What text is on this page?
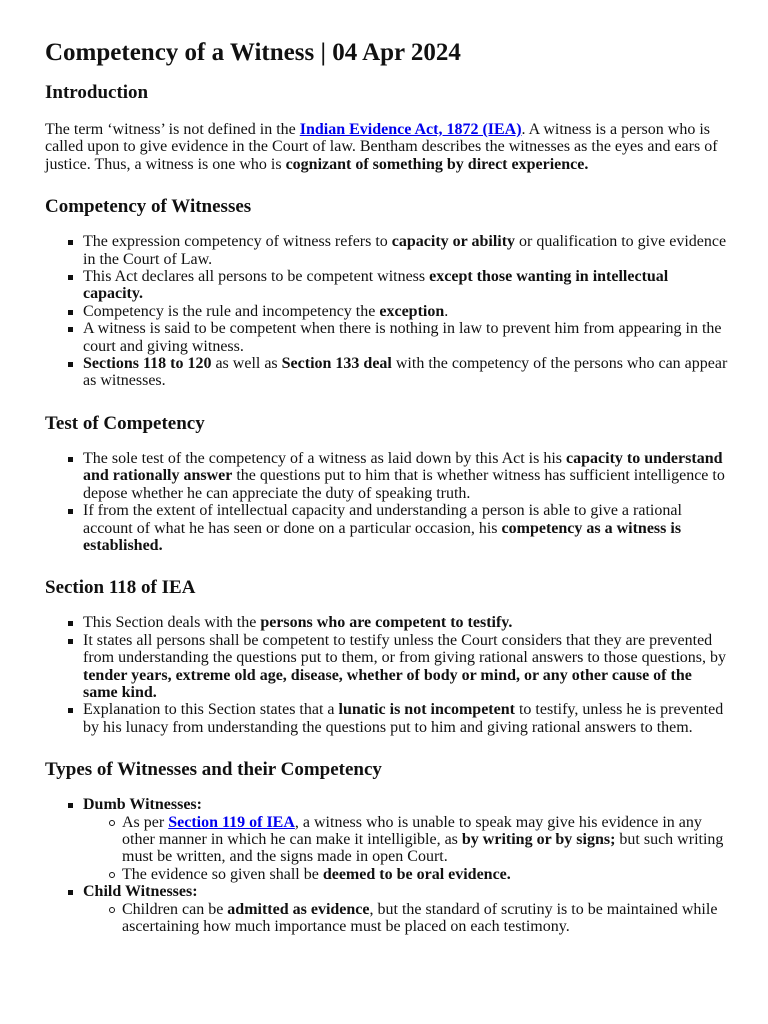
Competency of a Witness | 04 Apr 2024
Introduction

The term ‘witness’ is not defined in the Indian Evidence Act, 1872 (IEA). A witness is a person who is called upon to give evidence in the Court of law. Bentham describes the witnesses as the eyes and ears of justice. Thus, a witness is one who is cognizant of something by direct experience.

Competency of Witnesses
The expression competency of witness refers to capacity or ability or qualification to give evidence in the Court of Law.
This Act declares all persons to be competent witness except those wanting in intellectual capacity.
Competency is the rule and incompetency the exception.
A witness is said to be competent when there is nothing in law to prevent him from appearing in the court and giving witness.
Sections 118 to 120 as well as Section 133 deal with the competency of the persons who can appear as witnesses.
Test of Competency
The sole test of the competency of a witness as laid down by this Act is his capacity to understand and rationally answer the questions put to him that is whether witness has sufficient intelligence to depose whether he can appreciate the duty of speaking truth.
If from the extent of intellectual capacity and understanding a person is able to give a rational account of what he has seen or done on a particular occasion, his competency as a witness is established.
Section 118 of IEA
This Section deals with the persons who are competent to testify.
It states all persons shall be competent to testify unless the Court considers that they are prevented from understanding the questions put to them, or from giving rational answers to those questions, by tender years, extreme old age, disease, whether of body or mind, or any other cause of the same kind.
Explanation to this Section states that a lunatic is not incompetent to testify, unless he is prevented by his lunacy from understanding the questions put to him and giving rational answers to them.
Types of Witnesses and their Competency
Dumb Witnesses:
As per Section 119 of IEA, a witness who is unable to speak may give his evidence in any other manner in which he can make it intelligible, as by writing or by signs; but such writing must be written, and the signs made in open Court.
The evidence so given shall be deemed to be oral evidence.
Child Witnesses:
Children can be admitted as evidence, but the standard of scrutiny is to be maintained while ascertaining how much importance must be placed on each testimony.
